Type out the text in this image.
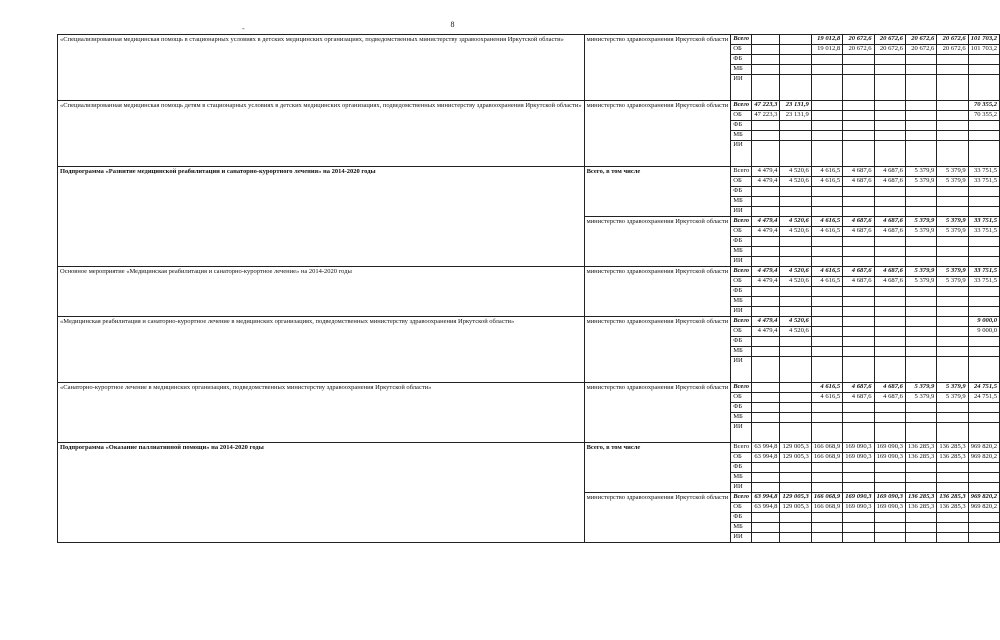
8
-
«Специализированная медицинская помощь в стационарных условиях в детских медицинских организациях, подведомственных министерству здравоохранения Иркутской области»	министерство здравоохранения Иркутской области	Всего			19 012,8	20 672,6	20 672,6	20 672,6	20 672,6	101 703,2
		ОБ			19 012,8	20 672,6	20 672,6	20 672,6	20 672,6	101 703,2
		ФБ								
		МБ								
		ИИ								
«Специализированная медицинская помощь детям в стационарных условиях в детских медицинских организациях, подведомственных министерству здравоохранения Иркутской области»	министерство здравоохранения Иркутской области	Всего	47 223,3	23 131,9						70 355,2
		ОБ	47 223,3	23 131,9						70 355,2
		ФБ								
		МБ								
		ИИ								
Подпрограмма «Развитие медицинской реабилитации и санаторно-курортного лечения» на 2014-2020 годы	Всего, в том числе	Всего	4 479,4	4 520,6	4 616,5	4 687,6	4 687,6	5 379,9	5 379,9	33 751,5
		ОБ	4 479,4	4 520,6	4 616,5	4 687,6	4 687,6	5 379,9	5 379,9	33 751,5
		ФБ								
		МБ								
		ИИ								
	министерство здравоохранения Иркутской области	Всего	4 479,4	4 520,6	4 616,5	4 687,6	4 687,6	5 379,9	5 379,9	33 751,5
		ОБ	4 479,4	4 520,6	4 616,5	4 687,6	4 687,6	5 379,9	5 379,9	33 751,5
		ФБ								
		МБ								
		ИИ								
Основное мероприятие «Медицинская реабилитация и санаторно-курортное лечение» на 2014-2020 годы	министерство здравоохранения Иркутской области	Всего	4 479,4	4 520,6	4 616,5	4 687,6	4 687,6	5 379,9	5 379,9	33 751,5
		ОБ	4 479,4	4 520,6	4 616,5	4 687,6	4 687,6	5 379,9	5 379,9	33 751,5
		ФБ								
		МБ								
		ИИ								
«Медицинская реабилитация и санаторно-курортное лечение в медицинских организациях, подведомственных министерству здравоохранения Иркутской области»	министерство здравоохранения Иркутской области	Всего	4 479,4	4 520,6						9 000,0
		ОБ	4 479,4	4 520,6						9 000,0
		ФБ								
		МБ								
		ИИ								
«Санаторно-курортное лечение в медицинских организациях, подведомственных министерству здравоохранения Иркутской области»	министерство здравоохранения Иркутской области	Всего			4 616,5	4 687,6	4 687,6	5 379,9	5 379,9	24 751,5
		ОБ			4 616,5	4 687,6	4 687,6	5 379,9	5 379,9	24 751,5
		ФБ								
		МБ								
		ИИ								
Подпрограмма «Оказание паллиативной помощи» на 2014-2020 годы	Всего, в том числе	Всего	63 994,8	129 005,3	166 068,9	169 090,3	169 090,3	136 285,3	136 285,3	969 820,2
		ОБ	63 994,8	129 005,3	166 068,9	169 090,3	169 090,3	136 285,3	136 285,3	969 820,2
		ФБ								
		МБ								
		ИИ								
	министерство здравоохранения Иркутской области	Всего	63 994,8	129 005,3	166 068,9	169 090,3	169 090,3	136 285,3	136 285,3	969 820,2
		ОБ	63 994,8	129 005,3	166 068,9	169 090,3	169 090,3	136 285,3	136 285,3	969 820,2
		ФБ								
		МБ								
		ИИ								
